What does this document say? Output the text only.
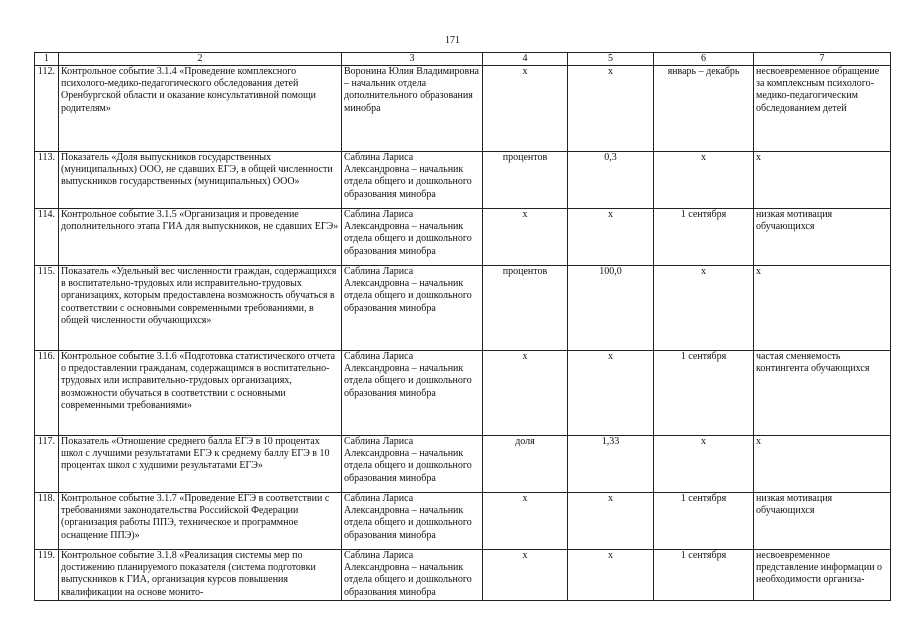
171
1	2	3	4	5	6	7
112.	Контрольное событие 3.1.4 «Проведение комплексного психолого-медико-педагогического обследования детей Оренбургской области и оказание консультативной помощи родителям»	Воронина Юлия Владимировна – начальник отдела дополнительного образования минобра	х	х	январь – декабрь	несвоевременное обращение за комплексным психолого-медико-педагогическим обследованием детей
113.	Показатель «Доля выпускников государственных (муниципальных) ООО, не сдавших ЕГЭ, в общей численности выпускников государственных (муниципальных) ООО»	Саблина Лариса Александровна – начальник отдела общего и дошкольного образования минобра	процентов	0,3	х	х
114.	Контрольное событие 3.1.5 «Организация и проведение дополнительного этапа ГИА для выпускников, не сдавших ЕГЭ»	Саблина Лариса Александровна – начальник отдела общего и дошкольного образования минобра	х	х	1 сентября	низкая мотивация обучающихся
115.	Показатель «Удельный вес численности граждан, содержащихся в воспитательно-трудовых или исправительно-трудовых организациях, которым предоставлена возможность обучаться в соответствии с основными современными требованиями, в общей численности обучающихся»	Саблина Лариса Александровна – начальник отдела общего и дошкольного образования минобра	процентов	100,0	х	х
116.	Контрольное событие 3.1.6 «Подготовка статистического отчета о предоставлении гражданам, содержащимся в воспитательно-трудовых или исправительно-трудовых организациях, возможности обучаться в соответствии с основными современными требованиями»	Саблина Лариса Александровна – начальник отдела общего и дошкольного образования минобра	х	х	1 сентября	частая сменяемость контингента обучающихся
117.	Показатель «Отношение среднего балла ЕГЭ в 10 процентах школ с лучшими результатами ЕГЭ к среднему баллу ЕГЭ в 10 процентах школ с худшими результатами ЕГЭ»	Саблина Лариса Александровна – начальник отдела общего и дошкольного образования минобра	доля	1,33	х	х
118.	Контрольное событие 3.1.7 «Проведение ЕГЭ в соответствии с требованиями законодательства Российской Федерации (организация работы ППЭ, техническое и программное оснащение ППЭ)»	Саблина Лариса Александровна – начальник отдела общего и дошкольного образования минобра	х	х	1 сентября	низкая мотивация обучающихся
119.	Контрольное событие 3.1.8 «Реализация системы мер по достижению планируемого показателя (система подготовки выпускников к ГИА, организация курсов повышения квалификации на основе монито-	Саблина Лариса Александровна – начальник отдела общего и дошкольного образования минобра	х	х	1 сентября	несвоевременное представление информации о необходимости организа-
